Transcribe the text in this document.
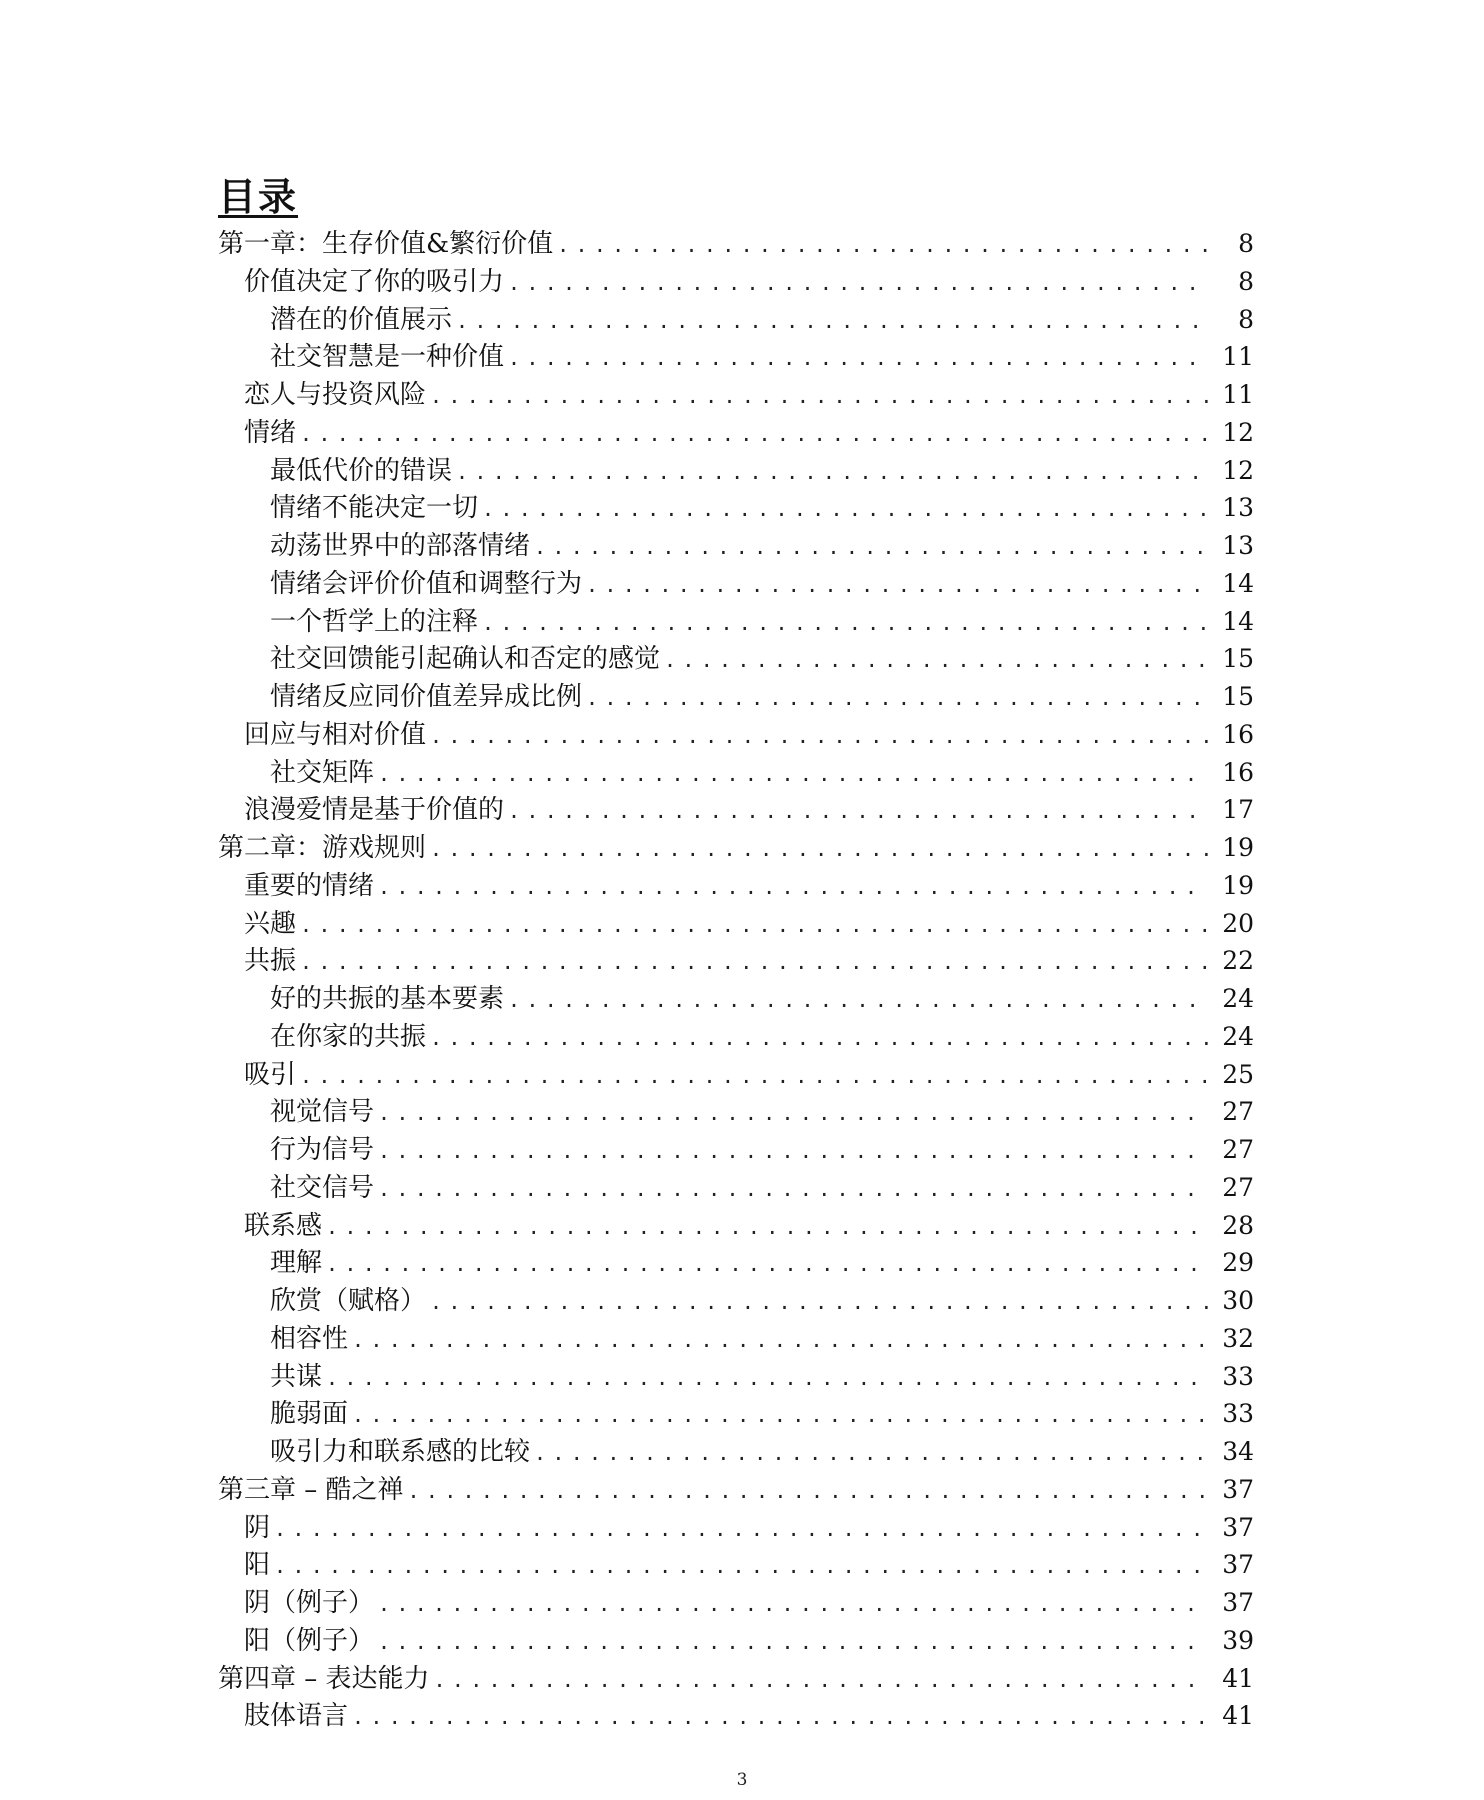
目录
第一章：生存价值&繁衍价值 .....	8
价值决定了你的吸引力 .....	8
潜在的价值展示 .....	8
社交智慧是一种价值 .....	11
恋人与投资风险 .....	11
情绪 .....	12
最低代价的错误 .....	12
情绪不能决定一切 .....	13
动荡世界中的部落情绪 .....	13
情绪会评价价值和调整行为 .....	14
一个哲学上的注释 .....	14
社交回馈能引起确认和否定的感觉 .....	15
情绪反应同价值差异成比例 .....	15
回应与相对价值 .....	16
社交矩阵 .....	16
浪漫爱情是基于价值的 .....	17
第二章：游戏规则 .....	19
重要的情绪 .....	19
兴趣 .....	20
共振 .....	22
好的共振的基本要素 .....	24
在你家的共振 .....	24
吸引 .....	25
视觉信号 .....	27
行为信号 .....	27
社交信号 .....	27
联系感 .....	28
理解 .....	29
欣赏（赋格） .....	30
相容性 .....	32
共谋 .....	33
脆弱面 .....	33
吸引力和联系感的比较 .....	34
第三章 – 酷之禅 .....	37
阴 .....	37
阳 .....	37
阴（例子） .....	37
阳（例子） .....	39
第四章 – 表达能力 .....	41
肢体语言 .....	41
3
